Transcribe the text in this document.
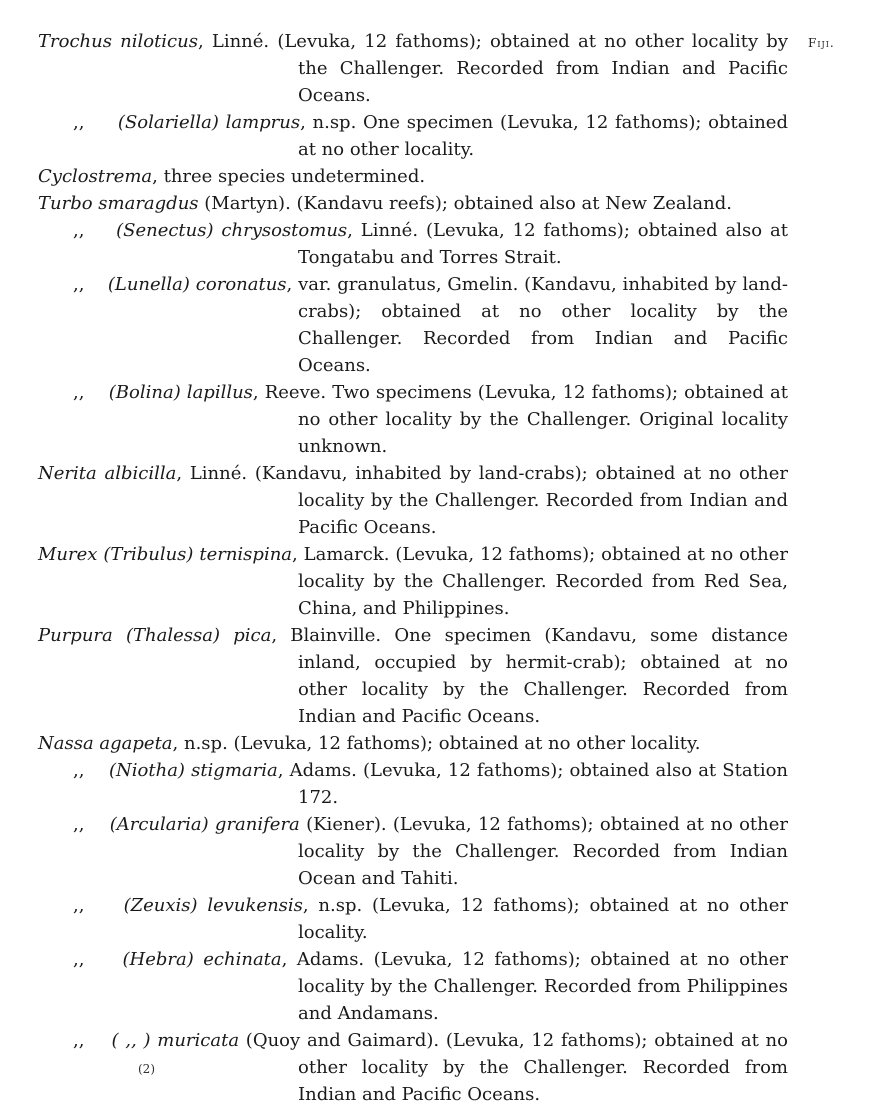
Fiji.

Trochus niloticus, Linné. (Levuka, 12 fathoms); obtained at no other locality by the Challenger. Recorded from Indian and Pacific Oceans.

,, (Solariella) lamprus, n.sp. One specimen (Levuka, 12 fathoms); obtained at no other locality.

Cyclostrema, three species undetermined.

Turbo smaragdus (Martyn). (Kandavu reefs); obtained also at New Zealand.

,, (Senectus) chrysostomus, Linné. (Levuka, 12 fathoms); obtained also at Tongatabu and Torres Strait.

,, (Lunella) coronatus, var. granulatus, Gmelin. (Kandavu, inhabited by land-crabs); obtained at no other locality by the Challenger. Recorded from Indian and Pacific Oceans.

,, (Bolina) lapillus, Reeve. Two specimens (Levuka, 12 fathoms); obtained at no other locality by the Challenger. Original locality unknown.

Nerita albicilla, Linné. (Kandavu, inhabited by land-crabs); obtained at no other locality by the Challenger. Recorded from Indian and Pacific Oceans.

Murex (Tribulus) ternispina, Lamarck. (Levuka, 12 fathoms); obtained at no other locality by the Challenger. Recorded from Red Sea, China, and Philippines.

Purpura (Thalessa) pica, Blainville. One specimen (Kandavu, some distance inland, occupied by hermit-crab); obtained at no other locality by the Challenger. Recorded from Indian and Pacific Oceans.

Nassa agapeta, n.sp. (Levuka, 12 fathoms); obtained at no other locality.

,, (Niotha) stigmaria, Adams. (Levuka, 12 fathoms); obtained also at Station 172.

,, (Arcularia) granifera (Kiener). (Levuka, 12 fathoms); obtained at no other locality by the Challenger. Recorded from Indian Ocean and Tahiti.

,, (Zeuxis) levukensis, n.sp. (Levuka, 12 fathoms); obtained at no other locality.

,, (Hebra) echinata, Adams. (Levuka, 12 fathoms); obtained at no other locality by the Challenger. Recorded from Philippines and Andamans.

,, ( ,, ) muricata (Quoy and Gaimard). (Levuka, 12 fathoms); obtained at no other locality by the Challenger. Recorded from Indian and Pacific Oceans.

(2)
